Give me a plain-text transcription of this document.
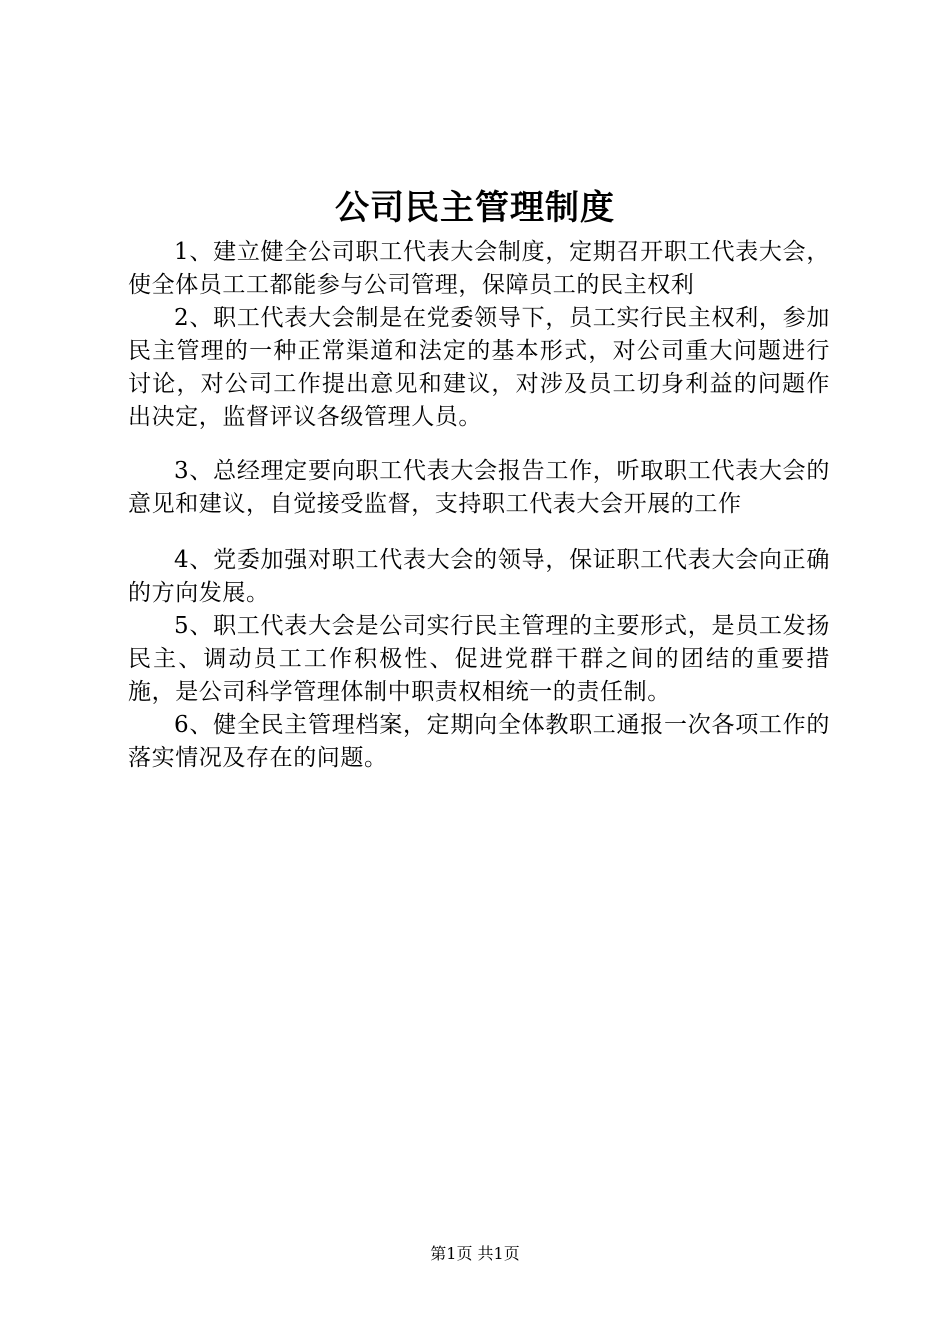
公司民主管理制度

1、建立健全公司职工代表大会制度，定期召开职工代表大会，使全体员工工都能参与公司管理，保障员工的民主权利

2、职工代表大会制是在党委领导下，员工实行民主权利，参加民主管理的一种正常渠道和法定的基本形式，对公司重大问题进行讨论，对公司工作提出意见和建议，对涉及员工切身利益的问题作出决定，监督评议各级管理人员。

3、总经理定要向职工代表大会报告工作，听取职工代表大会的意见和建议，自觉接受监督，支持职工代表大会开展的工作

4、党委加强对职工代表大会的领导，保证职工代表大会向正确的方向发展。

5、职工代表大会是公司实行民主管理的主要形式，是员工发扬民主、调动员工工作积极性、促进党群干群之间的团结的重要措施，是公司科学管理体制中职责权相统一的责任制。

6、健全民主管理档案，定期向全体教职工通报一次各项工作的落实情况及存在的问题。

第1页 共1页
